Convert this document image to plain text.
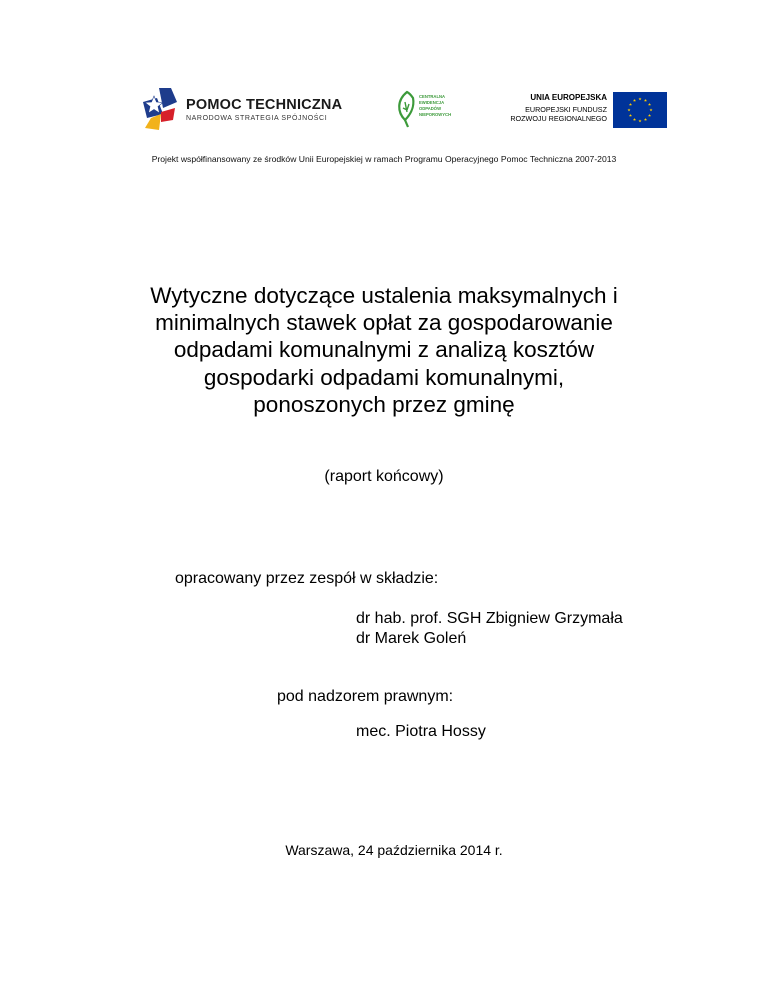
POMOC TECHNICZNA
NARODOWA STRATEGIA SPÓJNOŚCI
CENTRALNA
EWIDENCJA
ODPADÓW
NIEPOROWYCH
UNIA EUROPEJSKA
EUROPEJSKI FUNDUSZ
ROZWOJU REGIONALNEGO
Projekt współfinansowany ze środków Unii Europejskiej w ramach Programu Operacyjnego Pomoc Techniczna 2007-2013
Wytyczne dotyczące ustalenia maksymalnych i
minimalnych stawek opłat za gospodarowanie
odpadami komunalnymi z analizą kosztów
gospodarki odpadami komunalnymi,
ponoszonych przez gminę
(raport końcowy)
opracowany przez zespół w składzie:
dr hab. prof. SGH Zbigniew Grzymała
dr Marek Goleń
pod nadzorem prawnym:
mec. Piotra Hossy
Warszawa, 24 października 2014 r.
